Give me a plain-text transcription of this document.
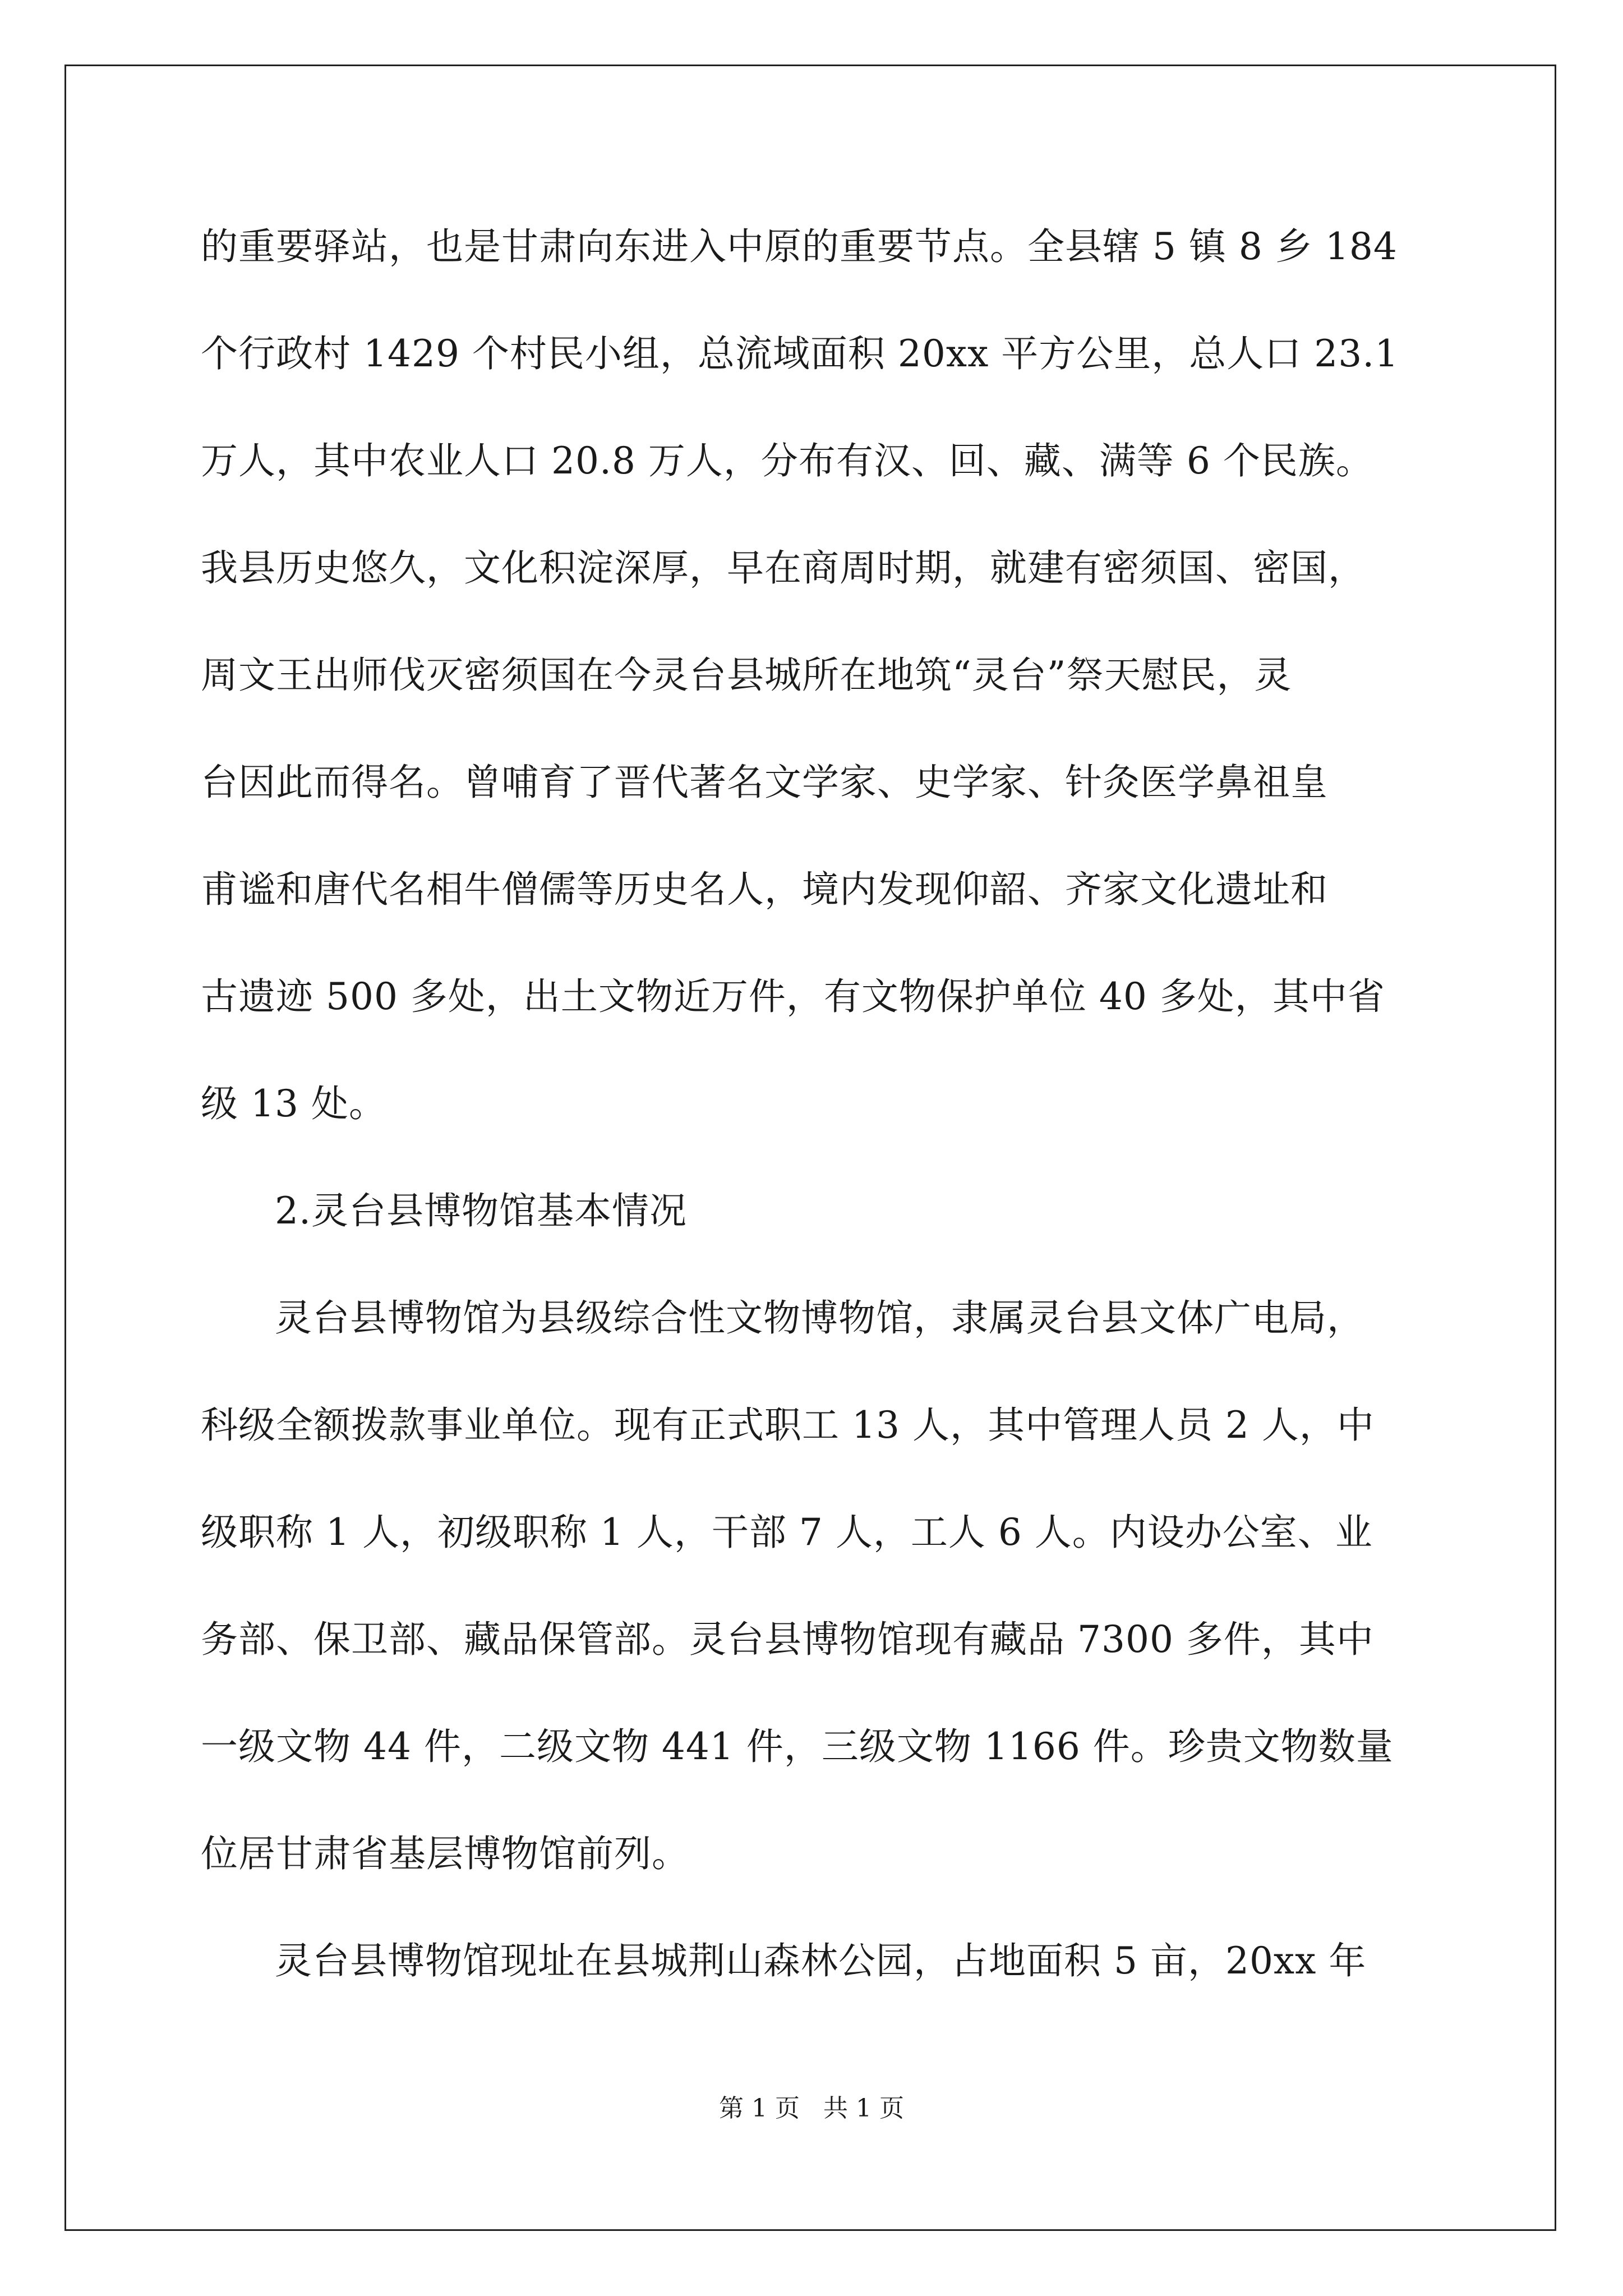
的重要驿站，也是甘肃向东进入中原的重要节点。全县辖 5 镇 8 乡 184
个行政村 1429 个村民小组，总流域面积 20xx 平方公里，总人口 23.1
万人，其中农业人口 20.8 万人，分布有汉、回、藏、满等 6 个民族。
我县历史悠久，文化积淀深厚，早在商周时期，就建有密须国、密国，
周文王出师伐灭密须国在今灵台县城所在地筑“灵台”祭天慰民，灵
台因此而得名。曾哺育了晋代著名文学家、史学家、针灸医学鼻祖皇
甫谧和唐代名相牛僧儒等历史名人，境内发现仰韶、齐家文化遗址和
古遗迹 500 多处，出土文物近万件，有文物保护单位 40 多处，其中省
级 13 处。
2.灵台县博物馆基本情况
灵台县博物馆为县级综合性文物博物馆，隶属灵台县文体广电局，
科级全额拨款事业单位。现有正式职工 13 人，其中管理人员 2 人，中
级职称 1 人，初级职称 1 人，干部 7 人，工人 6 人。内设办公室、业
务部、保卫部、藏品保管部。灵台县博物馆现有藏品 7300 多件，其中
一级文物 44 件，二级文物 441 件，三级文物 1166 件。珍贵文物数量
位居甘肃省基层博物馆前列。
灵台县博物馆现址在县城荆山森林公园，占地面积 5 亩，20xx 年
第 1 页   共 1 页
